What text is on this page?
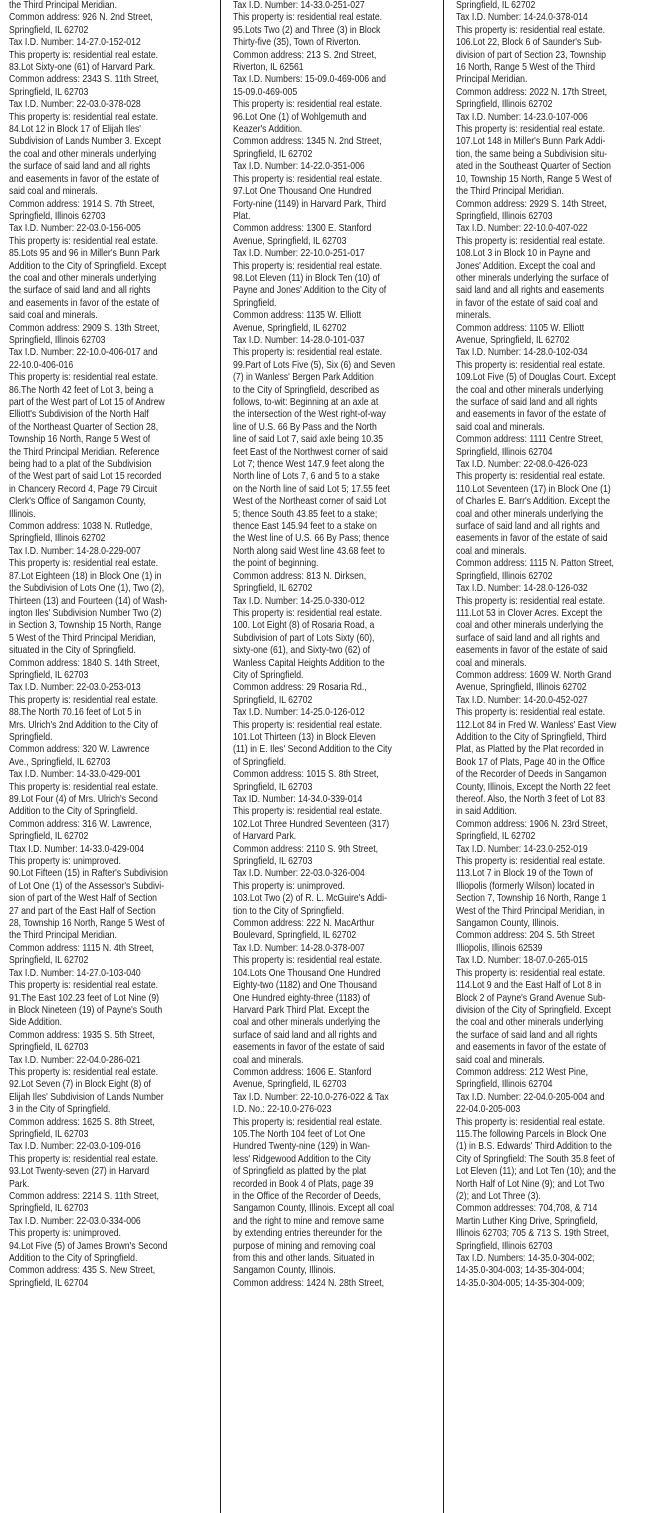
the Third Principal Meridian.
Common address: 926 N. 2nd Street,
Springfield, IL 62702
Tax I.D. Number: 14-27.0-152-012
This property is: residential real estate.
83.Lot Sixty-one (61) of Harvard Park.
Common address: 2343 S. 11th Street,
Springfield, IL 62703
Tax I.D. Number: 22-03.0-378-028
This property is: residential real estate.
84.Lot 12 in Block 17 of Elijah Iles'
Subdivision of Lands Number 3. Except
the coal and other minerals underlying
the surface of said land and all rights
and easements in favor of the estate of
said coal and minerals.
Common address: 1914 S. 7th Street,
Springfield, Illinois 62703
Tax I.D. Number: 22-03.0-156-005
This property is: residential real estate.
85.Lots 95 and 96 in Miller's Bunn Park
Addition to the City of Springfield. Except
the coal and other minerals underlying
the surface of said land and all rights
and easements in favor of the estate of
said coal and minerals.
Common address: 2909 S. 13th Street,
Springfield, Illinois 62703
Tax I.D. Number: 22-10.0-406-017 and
22-10.0-406-016
This property is: residential real estate.
86.The North 42 feet of Lot 3, being a
part of the West part of Lot 15 of Andrew
Elliott's Subdivision of the North Half
of the Northeast Quarter of Section 28,
Township 16 North, Range 5 West of
the Third Principal Meridian. Reference
being had to a plat of the Subdivision
of the West part of said Lot 15 recorded
in Chancery Record 4, Page 79 Circuit
Clerk's Office of Sangamon County,
Illinois.
Common address: 1038 N. Rutledge,
Springfield, Illinois 62702
Tax I.D. Number: 14-28.0-229-007
This property is: residential real estate.
87.Lot Eighteen (18) in Block One (1) in
the Subdivision of Lots One (1), Two (2),
Thirteen (13) and Fourteen (14) of Wash-
ington Iles' Subdivision Number Two (2)
in Section 3, Township 15 North, Range
5 West of the Third Principal Meridian,
situated in the City of Springfield.
Common address: 1840 S. 14th Street,
Springfield, IL 62703
Tax I.D. Number: 22-03.0-253-013
This property is: residential real estate.
88.The North 70.16 feet of Lot 5 in
Mrs. Ulrich's 2nd Addition to the City of
Springfield.
Common address: 320 W. Lawrence
Ave., Springfield, IL 62703
Tax I.D. Number: 14-33.0-429-001
This property is: residential real estate.
89.Lot Four (4) of Mrs. Ulrich's Second
Addition to the City of Springfield.
Common address: 316 W. Lawrence,
Springfield, IL 62702
Ttax I.D. Number: 14-33.0-429-004
This property is: unimproved.
90.Lot Fifteen (15) in Rafter's Subdivision
of Lot One (1) of the Assessor's Subdivi-
sion of part of the West Half of Section
27 and part of the East Half of Section
28, Township 16 North, Range 5 West of
the Third Principal Meridian.
Common address: 1115 N. 4th Street,
Springfield, IL 62702
Tax I.D. Number: 14-27.0-103-040
This property is: residential real estate.
91.The East 102.23 feet of Lot Nine (9)
in Block Nineteen (19) of Payne's South
Side Addition.
Common address: 1935 S. 5th Street,
Springfield, IL 62703
Tax I.D. Number: 22-04.0-286-021
This property is: residential real estate.
92.Lot Seven (7) in Block Eight (8) of
Elijah Iles' Subdivision of Lands Number
3 in the City of Springfield.
Common address: 1625 S. 8th Street,
Springfield, IL 62703
Tax I.D. Number: 22-03.0-109-016
This property is: residential real estate.
93.Lot Twenty-seven (27) in Harvard
Park.
Common address: 2214 S. 11th Street,
Springfield, IL 62703
Tax I.D. Number: 22-03.0-334-006
This property is: unimproved.
94.Lot Five (5) of James Brown's Second
Addition to the City of Springfield.
Common address: 435 S. New Street,
Springfield, IL 62704
Tax I.D. Number: 14-33.0-251-027
This property is: residential real estate.
95.Lots Two (2) and Three (3) in Block
Thirty-five (35), Town of Riverton.
Common address: 213 S. 2nd Street,
Riverton, IL 62561
Tax I.D. Numbers: 15-09.0-469-006 and
15-09.0-469-005
This property is: residential real estate.
96.Lot One (1) of Wohlgemuth and
Keazer's Addition.
Common address: 1345 N. 2nd Street,
Springfield, IL 62702
Tax I.D. Number: 14-22.0-351-006
This property is: residential real estate.
97.Lot One Thousand One Hundred
Forty-nine (1149) in Harvard Park, Third
Plat.
Common address: 1300 E. Stanford
Avenue, Springfield, IL 62703
Tax I.D. Number: 22-10.0-251-017
This property is: residential real estate.
98.Lot Eleven (11) in Block Ten (10) of
Payne and Jones' Addition to the City of
Springfield.
Common address: 1135 W. Elliott
Avenue, Springfield, IL 62702
Tax I.D. Number: 14-28.0-101-037
This property is: residential real estate.
99.Part of Lots Five (5), Six (6) and Seven
(7) in Wanless' Bergen Park Addition
to the City of Springfield, described as
follows, to-wit: Beginning at an axle at
the intersection of the West right-of-way
line of U.S. 66 By Pass and the North
line of said Lot 7, said axle being 10.35
feet East of the Northwest corner of said
Lot 7; thence West 147.9 feet along the
North line of Lots 7, 6 and 5 to a stake
on the North line of said Lot 5; 17.55 feet
West of the Northeast corner of said Lot
5; thence South 43.85 feet to a stake;
thence East 145.94 feet to a stake on
the West line of U.S. 66 By Pass; thence
North along said West line 43.68 feet to
the point of beginning.
Common address: 813 N. Dirksen,
Springfield, IL 62702
Tax I.D. Number: 14-25.0-330-012
This property is: residential real estate.
100. Lot Eight (8) of Rosaria Road, a
Subdivision of part of Lots Sixty (60),
sixty-one (61), and Sixty-two (62) of
Wanless Capital Heights Addition to the
City of Springfield.
Common address: 29 Rosaria Rd.,
Springfield, IL 62702
Tax I.D. Number: 14-25.0-126-012
This property is: residential real estate.
101.Lot Thirteen (13) in Block Eleven
(11) in E. Iles' Second Addition to the City
of Springfield.
Common address: 1015 S. 8th Street,
Springfield, IL 62703
Tax ID. Number: 14-34.0-339-014
This property is: residential real estate.
102.Lot Three Hundred Seventeen (317)
of Harvard Park.
Common address: 2110 S. 9th Street,
Springfield, IL 62703
Tax I.D. Number: 22-03.0-326-004
This property is: unimproved.
103.Lot Two (2) of R. L. McGuire's Addi-
tion to the City of Springfield.
Common address: 222 N. MacArthur
Boulevard, Springfield, IL 62702
Tax I.D. Number: 14-28.0-378-007
This property is: residential real estate.
104.Lots One Thousand One Hundred
Eighty-two (1182) and One Thousand
One Hundred eighty-three (1183) of
Harvard Park Third Plat. Except the
coal and other minerals underlying the
surface of said land and all rights and
easements in favor of the estate of said
coal and minerals.
Common address: 1606 E. Stanford
Avenue, Springfield, IL 62703
Tax I.D. Number: 22-10.0-276-022 & Tax
I.D. No.: 22-10.0-276-023
This property is: residential real estate.
105.The North 104 feet of Lot One
Hundred Twenty-nine (129) in Wan-
less' Ridgewood Addition to the City
of Springfield as platted by the plat
recorded in Book 4 of Plats, page 39
in the Office of the Recorder of Deeds,
Sangamon County, Illinois. Except all coal
and the right to mine and remove same
by extending entries thereunder for the
purpose of mining and removing coal
from this and other lands. Situated in
Sangamon County, Illinois.
Common address: 1424 N. 28th Street,
Springfield, IL 62702
Tax I.D. Number: 14-24.0-378-014
This property is: residential real estate.
106.Lot 22, Block 6 of Saunder's Sub-
division of part of Section 23, Township
16 North, Range 5 West of the Third
Principal Meridian.
Common address: 2022 N. 17th Street,
Springfield, Illinois 62702
Tax I.D. Number: 14-23.0-107-006
This property is: residential real estate.
107.Lot 148 in Miller's Bunn Park Addi-
tion, the same being a Subdivision situ-
ated in the Southeast Quarter of Section
10, Township 15 North, Range 5 West of
the Third Principal Meridian.
Common address: 2929 S. 14th Street,
Springfield, Illinois 62703
Tax I.D. Number: 22-10.0-407-022
This property is: residential real estate.
108.Lot 3 in Block 10 in Payne and
Jones' Addition. Except the coal and
other minerals underlying the surface of
said land and all rights and easements
in favor of the estate of said coal and
minerals.
Common address: 1105 W. Elliott
Avenue, Springfield, IL 62702
Tax I.D. Number: 14-28.0-102-034
This property is: residential real estate.
109.Lot Five (5) of Douglas Court. Except
the coal and other minerals underlying
the surface of said land and all rights
and easements in favor of the estate of
said coal and minerals.
Common address: 1111 Centre Street,
Springfield, Illinois 62704
Tax I.D. Number: 22-08.0-426-023
This property is: residential real estate.
110.Lot Seventeen (17) in Block One (1)
of Charles E. Barr's Addition. Except the
coal and other minerals underlying the
surface of said land and all rights and
easements in favor of the estate of said
coal and minerals.
Common address: 1115 N. Patton Street,
Springfield, Illinois 62702
Tax I.D. Number: 14-28.0-126-032
This property is: residential real estate.
111.Lot 53 in Clover Acres. Except the
coal and other minerals underlying the
surface of said land and all rights and
easements in favor of the estate of said
coal and minerals.
Common address: 1609 W. North Grand
Avenue, Springfield, Illinois 62702
Tax I.D. Number: 14-20.0-452-027
This property is: residential real estate.
112.Lot 84 in Fred W. Wanless' East View
Addition to the City of Springfield, Third
Plat, as Platted by the Plat recorded in
Book 17 of Plats, Page 40 in the Office
of the Recorder of Deeds in Sangamon
County, Illinois, Except the North 22 feet
thereof. Also, the North 3 feet of Lot 83
in said Addition.
Common address: 1906 N. 23rd Street,
Springfield, IL 62702
Tax I.D. Number: 14-23.0-252-019
This property is: residential real estate.
113.Lot 7 in Block 19 of the Town of
Illiopolis (formerly Wilson) located in
Section 7, Township 16 North, Range 1
West of the Third Principal Meridian, in
Sangamon County, Illinois.
Common address: 204 S. 5th Street
Illiopolis, Illinois 62539
Tax I.D. Number: 18-07.0-265-015
This property is: residential real estate.
114.Lot 9 and the East Half of Lot 8 in
Block 2 of Payne's Grand Avenue Sub-
division of the City of Springfield. Except
the coal and other minerals underlying
the surface of said land and all rights
and easements in favor of the estate of
said coal and minerals.
Common address: 212 West Pine,
Springfield, Illinois 62704
Tax I.D. Number: 22-04.0-205-004 and
22-04.0-205-003
This property is: residential real estate.
115.The following Parcels in Block One
(1) in B.S. Edwards' Third Addition to the
City of Springfield: The South 35.8 feet of
Lot Eleven (11); and Lot Ten (10); and the
North Half of Lot Nine (9); and Lot Two
(2); and Lot Three (3).
Common addresses: 704,708, & 714
Martin Luther King Drive, Springfield,
Illinois 62703; 705 & 713 S. 19th Street,
Springfield, Illinois 62703
Tax I.D. Numbers: 14-35.0-304-002;
14-35.0-304-003; 14-35-304-004;
14-35.0-304-005; 14-35-304-009;
